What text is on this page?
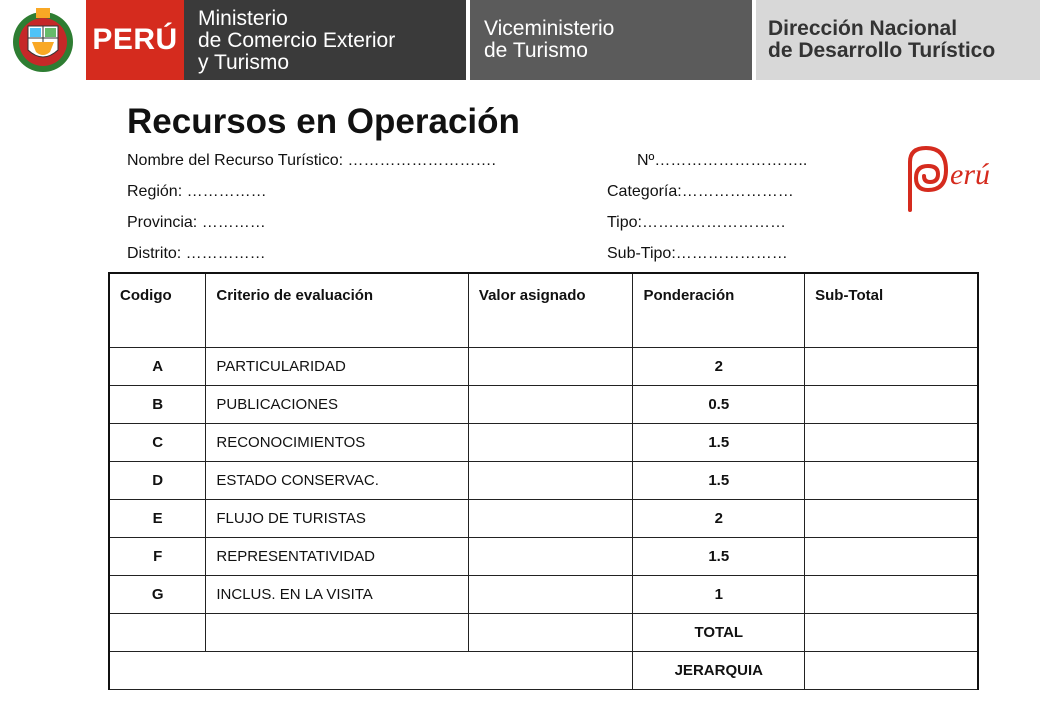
PERÚ
Ministerio
de Comercio Exterior
y Turismo
Viceministerio
de Turismo
Dirección Nacional
de Desarrollo Turístico
Recursos en Operación
Nombre del Recurso Turístico: ……………………….	Nº………………………..
Región: ……………	Categoría:…………………
Provincia: …………	Tipo:………………………
Distrito: ……………	Sub-Tipo:…………………
erú
Codigo	Criterio de evaluación	Valor asignado	Ponderación	Sub-Total
A	PARTICULARIDAD		2	
B	PUBLICACIONES		0.5	
C	RECONOCIMIENTOS		1.5	
D	ESTADO CONSERVAC.		1.5	
E	FLUJO DE TURISTAS		2	
F	REPRESENTATIVIDAD		1.5	
G	INCLUS. EN LA VISITA		1	
			TOTAL	
			JERARQUIA	
